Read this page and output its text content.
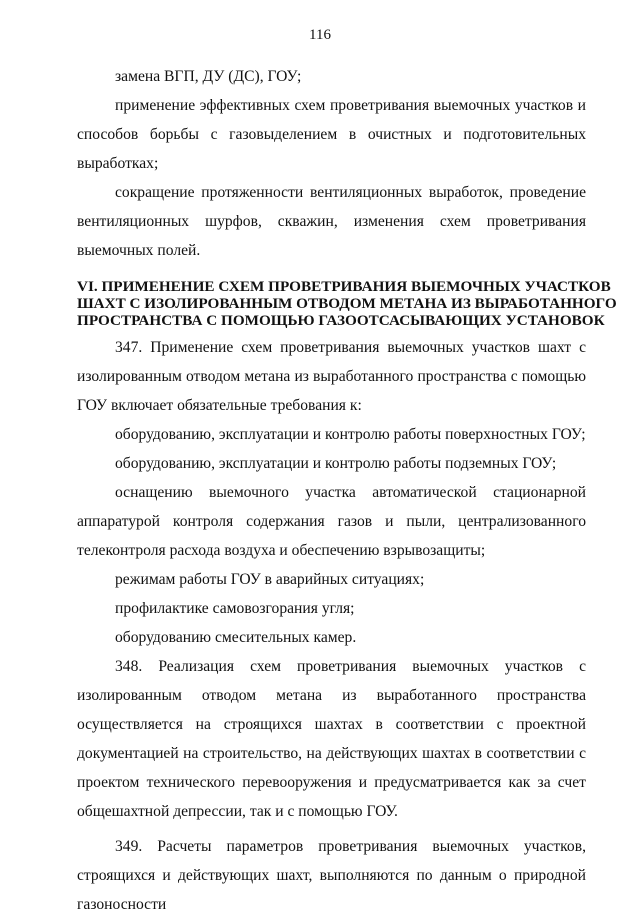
116

замена ВГП, ДУ (ДС), ГОУ;

применение эффективных схем проветривания выемочных участков и способов борьбы с газовыделением в очистных и подготовительных выработках;

сокращение протяженности вентиляционных выработок, проведение вентиляционных шурфов, скважин, изменения схем проветривания выемочных полей.

VI. ПРИМЕНЕНИЕ СХЕМ ПРОВЕТРИВАНИЯ ВЫЕМОЧНЫХ УЧАСТКОВ
ШАХТ С ИЗОЛИРОВАННЫМ ОТВОДОМ МЕТАНА ИЗ ВЫРАБОТАННОГО
ПРОСТРАНСТВА С ПОМОЩЬЮ ГАЗООТСАСЫВАЮЩИХ УСТАНОВОК

347. Применение схем проветривания выемочных участков шахт с изолированным отводом метана из выработанного пространства с помощью ГОУ включает обязательные требования к:

оборудованию, эксплуатации и контролю работы поверхностных ГОУ;

оборудованию, эксплуатации и контролю работы подземных ГОУ;

оснащению выемочного участка автоматической стационарной аппаратурой контроля содержания газов и пыли, централизованного телеконтроля расхода воздуха и обеспечению взрывозащиты;

режимам работы ГОУ в аварийных ситуациях;

профилактике самовозгорания угля;

оборудованию смесительных камер.

348. Реализация схем проветривания выемочных участков с изолированным отводом метана из выработанного пространства осуществляется на строящихся шахтах в соответствии с проектной документацией на строительство, на действующих шахтах в соответствии с проектом технического перевооружения и предусматривается как за счет общешахтной депрессии, так и с помощью ГОУ.

349. Расчеты параметров проветривания выемочных участков, строящихся и действующих шахт, выполняются по данным о природной газоносности
